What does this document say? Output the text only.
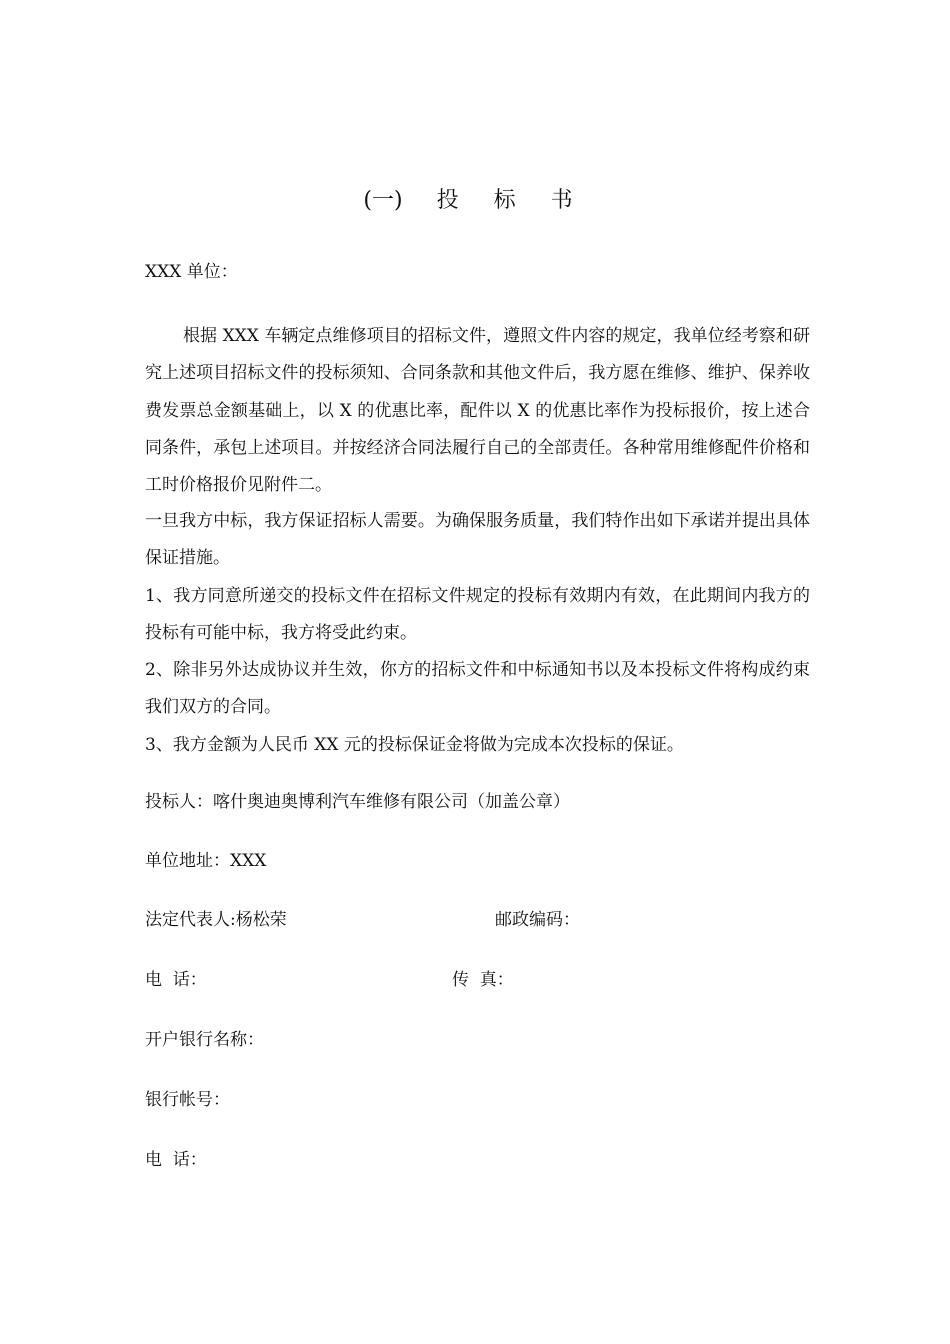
(一) 投 标 书
XXX 单位：
根据 XXX 车辆定点维修项目的招标文件，遵照文件内容的规定，我单位经考察和研究上述项目招标文件的投标须知、合同条款和其他文件后，我方愿在维修、维护、保养收费发票总金额基础上，以 X 的优惠比率，配件以 X 的优惠比率作为投标报价，按上述合同条件，承包上述项目。并按经济合同法履行自己的全部责任。各种常用维修配件价格和工时价格报价见附件二。
一旦我方中标，我方保证招标人需要。为确保服务质量，我们特作出如下承诺并提出具体保证措施。
1、我方同意所递交的投标文件在招标文件规定的投标有效期内有效，在此期间内我方的投标有可能中标，我方将受此约束。
2、除非另外达成协议并生效，你方的招标文件和中标通知书以及本投标文件将构成约束我们双方的合同。
3、我方金额为人民币 XX 元的投标保证金将做为完成本次投标的保证。
投标人：喀什奥迪奥博利汽车维修有限公司（加盖公章）
单位地址：XXX
法定代表人:杨松荣	邮政编码：
电  话：	传  真：
开户银行名称：
银行帐号：
电  话：
